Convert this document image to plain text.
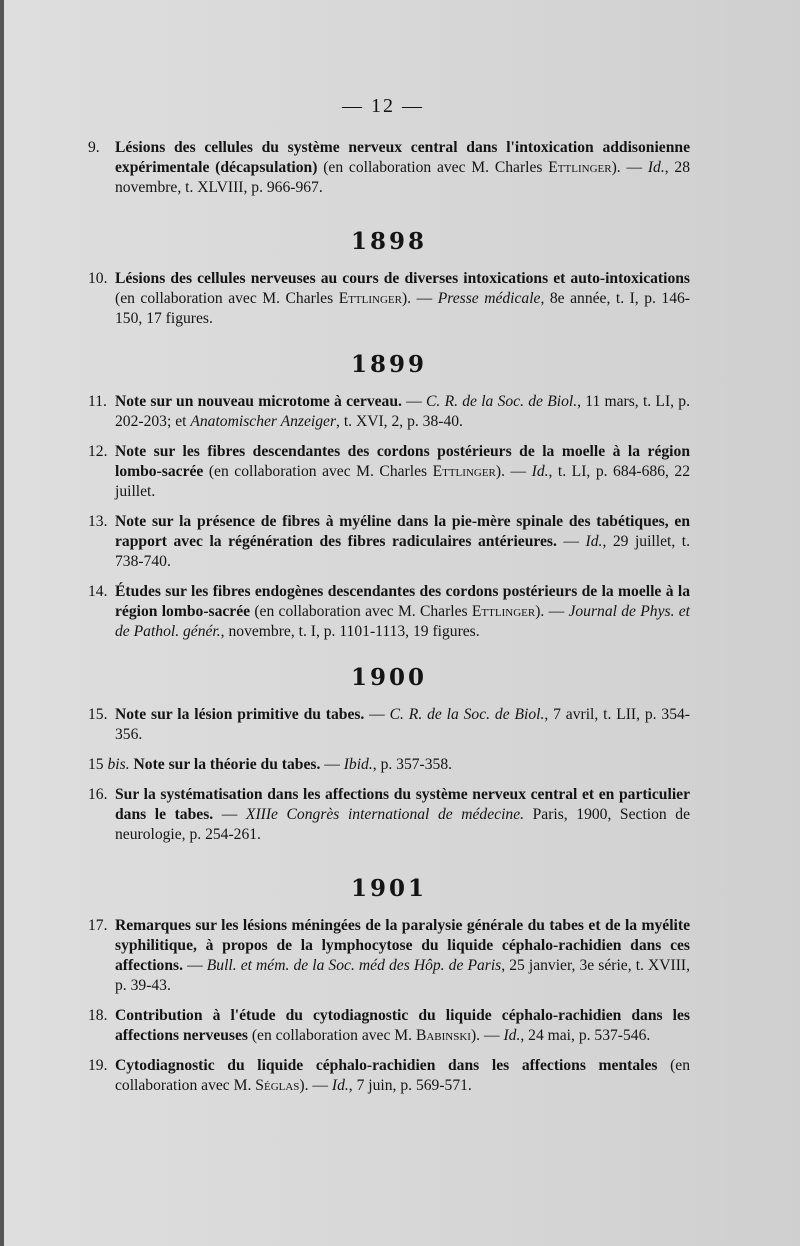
— 12 —
9. Lésions des cellules du système nerveux central dans l'intoxication addisonienne expérimentale (décapsulation) (en collaboration avec M. Charles Ettlinger). — Id., 28 novembre, t. XLVIII, p. 966-967.
1898
10. Lésions des cellules nerveuses au cours de diverses intoxications et auto-intoxications (en collaboration avec M. Charles Ettlinger). — Presse médicale, 8e année, t. I, p. 146-150, 17 figures.
1899
11. Note sur un nouveau microtome à cerveau. — C. R. de la Soc. de Biol., 11 mars, t. LI, p. 202-203; et Anatomischer Anzeiger, t. XVI, 2, p. 38-40.
12. Note sur les fibres descendantes des cordons postérieurs de la moelle à la région lombo-sacrée (en collaboration avec M. Charles Ettlinger). — Id., t. LI, p. 684-686, 22 juillet.
13. Note sur la présence de fibres à myéline dans la pie-mère spinale des tabétiques, en rapport avec la régénération des fibres radiculaires antérieures. — Id., 29 juillet, t. 738-740.
14. Études sur les fibres endogènes descendantes des cordons postérieurs de la moelle à la région lombo-sacrée (en collaboration avec M. Charles Ettlinger). — Journal de Phys. et de Pathol. génér., novembre, t. I, p. 1101-1113, 19 figures.
1900
15. Note sur la lésion primitive du tabes. — C. R. de la Soc. de Biol., 7 avril, t. LII, p. 354-356.
15 bis. Note sur la théorie du tabes. — Ibid., p. 357-358.
16. Sur la systématisation dans les affections du système nerveux central et en particulier dans le tabes. — XIIIe Congrès international de médecine. Paris, 1900, Section de neurologie, p. 254-261.
1901
17. Remarques sur les lésions méningées de la paralysie générale du tabes et de la myélite syphilitique, à propos de la lymphocytose du liquide céphalo-rachidien dans ces affections. — Bull. et mém. de la Soc. méd des Hôp. de Paris, 25 janvier, 3e série, t. XVIII, p. 39-43.
18. Contribution à l'étude du cytodiagnostic du liquide céphalo-rachidien dans les affections nerveuses (en collaboration avec M. Babinski). — Id., 24 mai, p. 537-546.
19. Cytodiagnostic du liquide céphalo-rachidien dans les affections mentales (en collaboration avec M. Séglas). — Id., 7 juin, p. 569-571.
